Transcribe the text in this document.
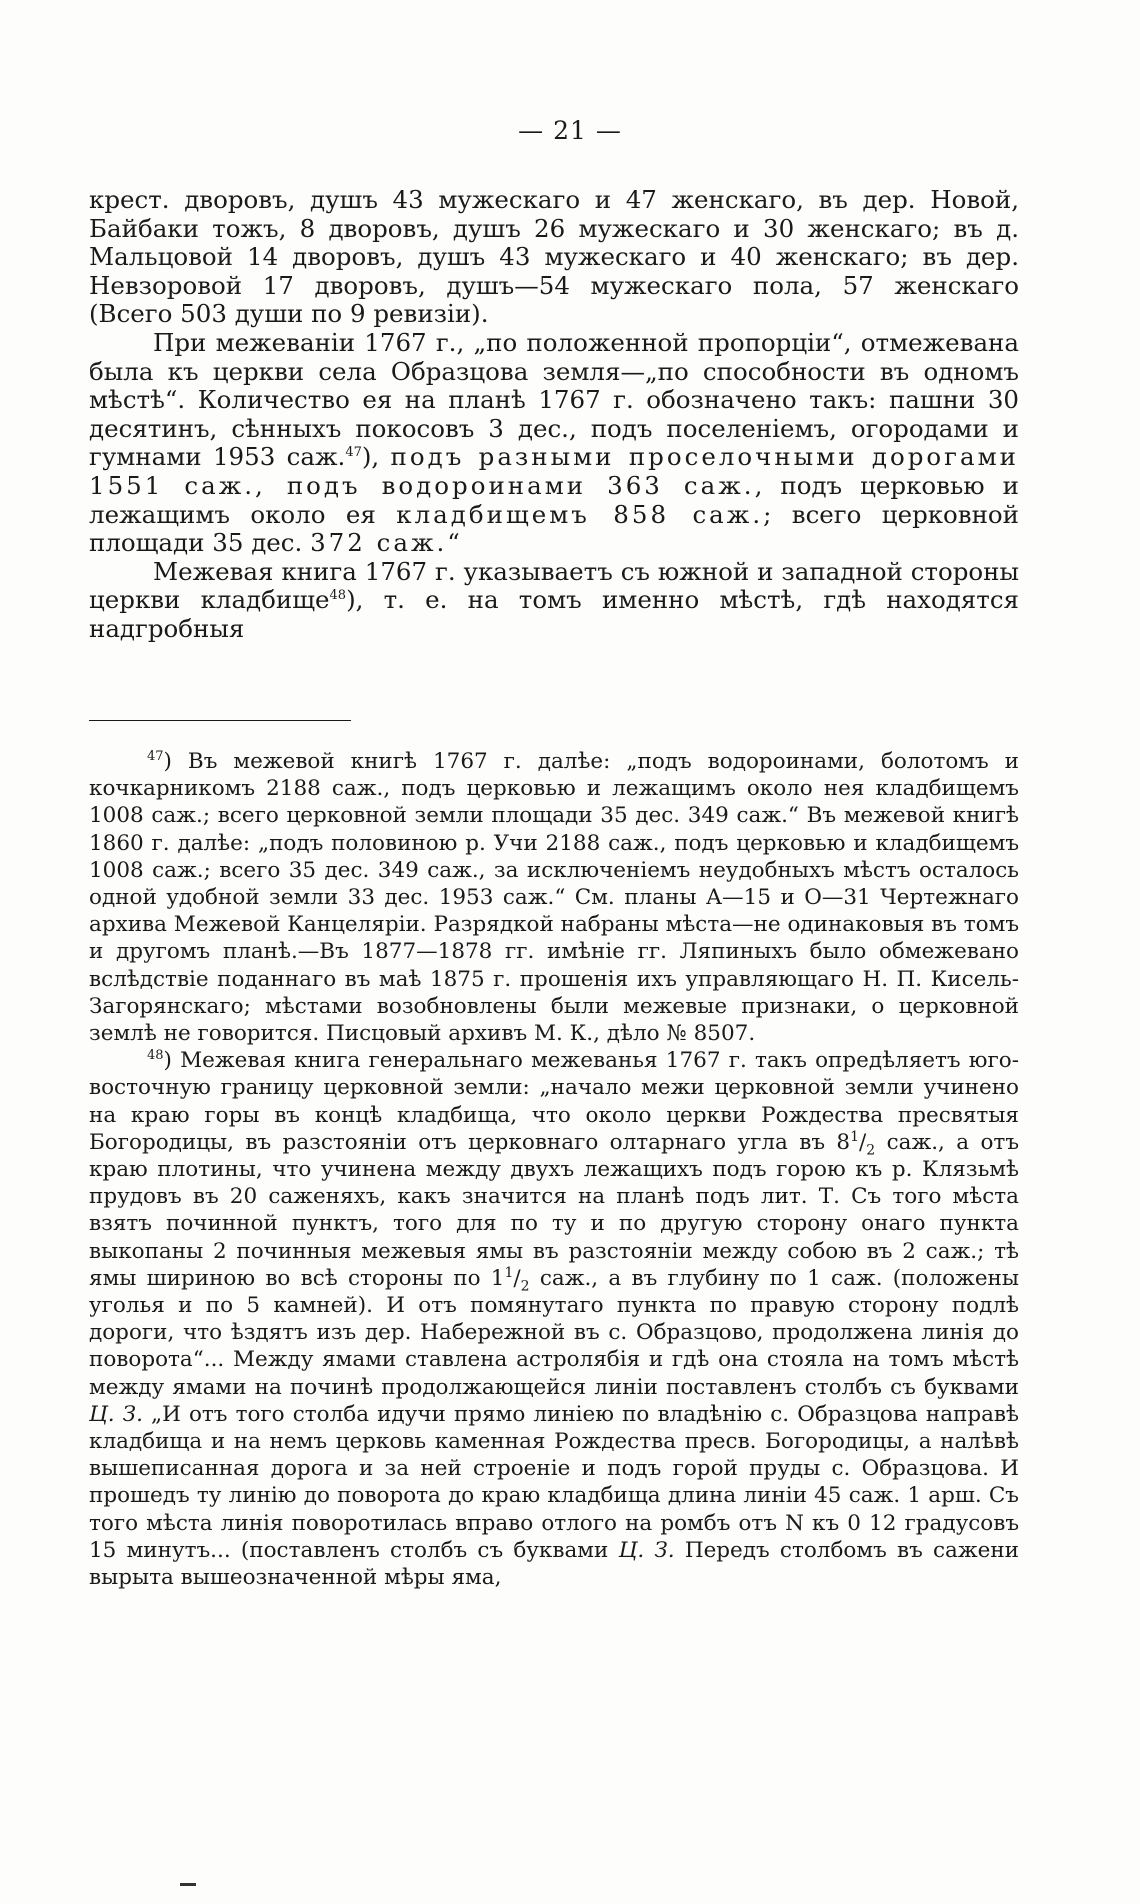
— 21 —

крест. дворовъ, душъ 43 мужескаго и 47 женскаго, въ дер. Новой, Байбаки тожъ, 8 дворовъ, душъ 26 мужескаго и 30 женскаго; въ д. Мальцовой 14 дворовъ, душъ 43 мужескаго и 40 женскаго; въ дер. Невзоровой 17 дворовъ, душъ—54 мужескаго пола, 57 женскаго (Всего 503 души по 9 ревизіи).

При межеваніи 1767 г., „по положенной пропорціи“, отмежевана была къ церкви села Образцова земля—„по способности въ одномъ мѣстѣ“. Количество ея на планѣ 1767 г. обозначено такъ: пашни 30 десятинъ, сѣнныхъ покосовъ 3 дес., подъ поселеніемъ, огородами и гумнами 1953 саж.$^{47}$), подъ разными проселочными дорогами 1551 саж., подъ водороинами 363 саж., подъ церковью и лежащимъ около ея кладбищемъ 858 саж.; всего церковной площади 35 дес. 372 саж.“

Межевая книга 1767 г. указываетъ съ южной и западной стороны церкви кладбище$^{48}$), т. е. на томъ именно мѣстѣ, гдѣ находятся надгробныя

$^{47}$) Въ межевой книгѣ 1767 г. далѣе: „подъ водороинами, болотомъ и кочкарникомъ 2188 саж., подъ церковью и лежащимъ около нея кладбищемъ 1008 саж.; всего церковной земли площади 35 дес. 349 саж.“ Въ межевой книгѣ 1860 г. далѣе: „подъ половиною р. Учи 2188 саж., подъ церковью и кладбищемъ 1008 саж.; всего 35 дес. 349 саж., за исключеніемъ неудобныхъ мѣстъ осталось одной удобной земли 33 дес. 1953 саж.“ См. планы А—15 и О—31 Чертежнаго архива Межевой Канцеляріи. Разрядкой набраны мѣста—не одинаковыя въ томъ и другомъ планѣ.—Въ 1877—1878 гг. имѣніе гг. Ляпиныхъ было обмежевано вслѣдствіе поданнаго въ маѣ 1875 г. прошенія ихъ управляющаго Н. П. Кисель-Загорянскаго; мѣстами возобновлены были межевые признаки, о церковной землѣ не говорится. Писцовый архивъ М. К., дѣло № 8507.

$^{48}$) Межевая книга генеральнаго межеванья 1767 г. такъ опредѣляетъ юго-восточную границу церковной земли: „начало межи церковной земли учинено на краю горы въ концѣ кладбища, что около церкви Рождества пресвятыя Богородицы, въ разстояніи отъ церковнаго олтарнаго угла въ $8^1/_2$ саж., а отъ краю плотины, что учинена между двухъ лежащихъ подъ горою къ р. Клязьмѣ прудовъ въ 20 саженяхъ, какъ значится на планѣ подъ лит. Т. Съ того мѣста взятъ починной пунктъ, того для по ту и по другую сторону онаго пункта выкопаны 2 починныя межевыя ямы въ разстояніи между собою въ 2 саж.; тѣ ямы шириною во всѣ стороны по $1^1/_2$ саж., а въ глубину по 1 саж. (положены уголья и по 5 камней). И отъ помянутаго пункта по правую сторону подлѣ дороги, что ѣздятъ изъ дер. Набережной въ с. Образцово, продолжена линія до поворота“... Между ямами ставлена астролябія и гдѣ она стояла на томъ мѣстѣ между ямами на починѣ продолжающейся линіи поставленъ столбъ съ буквами Ц. З. „И отъ того столба идучи прямо линіею по владѣнію с. Образцова направѣ кладбища и на немъ церковь каменная Рождества пресв. Богородицы, а налѣвѣ вышеписанная дорога и за ней строеніе и подъ горой пруды с. Образцова. И прошедъ ту линію до поворота до краю кладбища длина линіи 45 саж. 1 арш. Съ того мѣста линія поворотилась вправо отлого на ромбъ отъ N къ 0 12 градусовъ 15 минутъ... (поставленъ столбъ съ буквами Ц. З. Передъ столбомъ въ сажени вырыта вышеозначенной мѣры яма,
